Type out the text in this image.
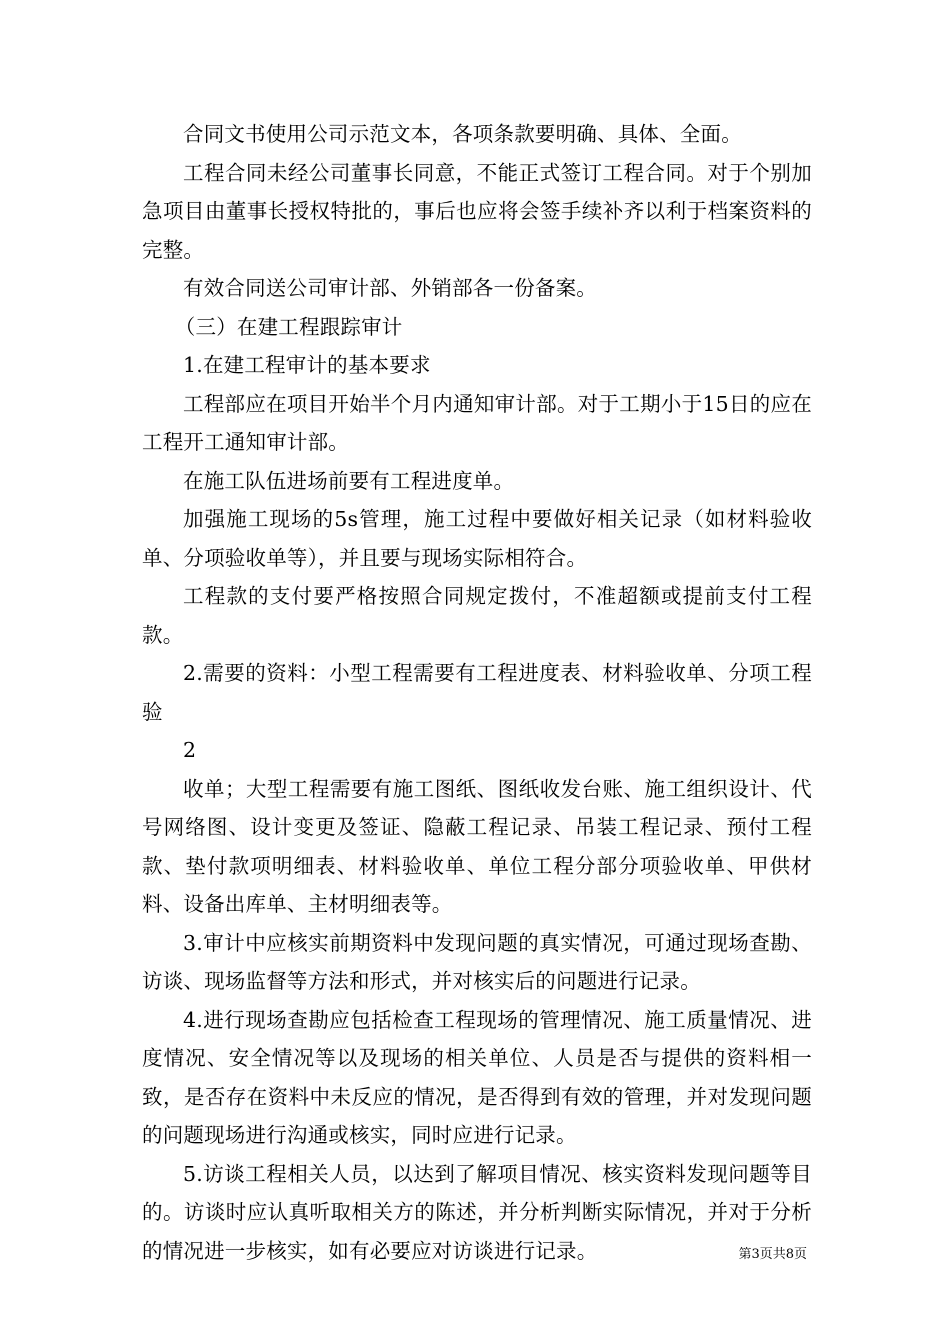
合同文书使用公司示范文本，各项条款要明确、具体、全面。

工程合同未经公司董事长同意，不能正式签订工程合同。对于个别加急项目由董事长授权特批的，事后也应将会签手续补齐以利于档案资料的完整。

有效合同送公司审计部、外销部各一份备案。

（三）在建工程跟踪审计

1.在建工程审计的基本要求

工程部应在项目开始半个月内通知审计部。对于工期小于15日的应在工程开工通知审计部。

在施工队伍进场前要有工程进度单。

加强施工现场的5s管理，施工过程中要做好相关记录（如材料验收单、分项验收单等），并且要与现场实际相符合。

工程款的支付要严格按照合同规定拨付，不准超额或提前支付工程款。

2.需要的资料：小型工程需要有工程进度表、材料验收单、分项工程验

2

收单；大型工程需要有施工图纸、图纸收发台账、施工组织设计、代号网络图、设计变更及签证、隐蔽工程记录、吊装工程记录、预付工程款、垫付款项明细表、材料验收单、单位工程分部分项验收单、甲供材料、设备出库单、主材明细表等。

3.审计中应核实前期资料中发现问题的真实情况，可通过现场查勘、访谈、现场监督等方法和形式，并对核实后的问题进行记录。

4.进行现场查勘应包括检查工程现场的管理情况、施工质量情况、进度情况、安全情况等以及现场的相关单位、人员是否与提供的资料相一致，是否存在资料中未反应的情况，是否得到有效的管理，并对发现问题的问题现场进行沟通或核实，同时应进行记录。

5.访谈工程相关人员，以达到了解项目情况、核实资料发现问题等目的。访谈时应认真听取相关方的陈述，并分析判断实际情况，并对于分析的情况进一步核实，如有必要应对访谈进行记录。	第3页共8页
